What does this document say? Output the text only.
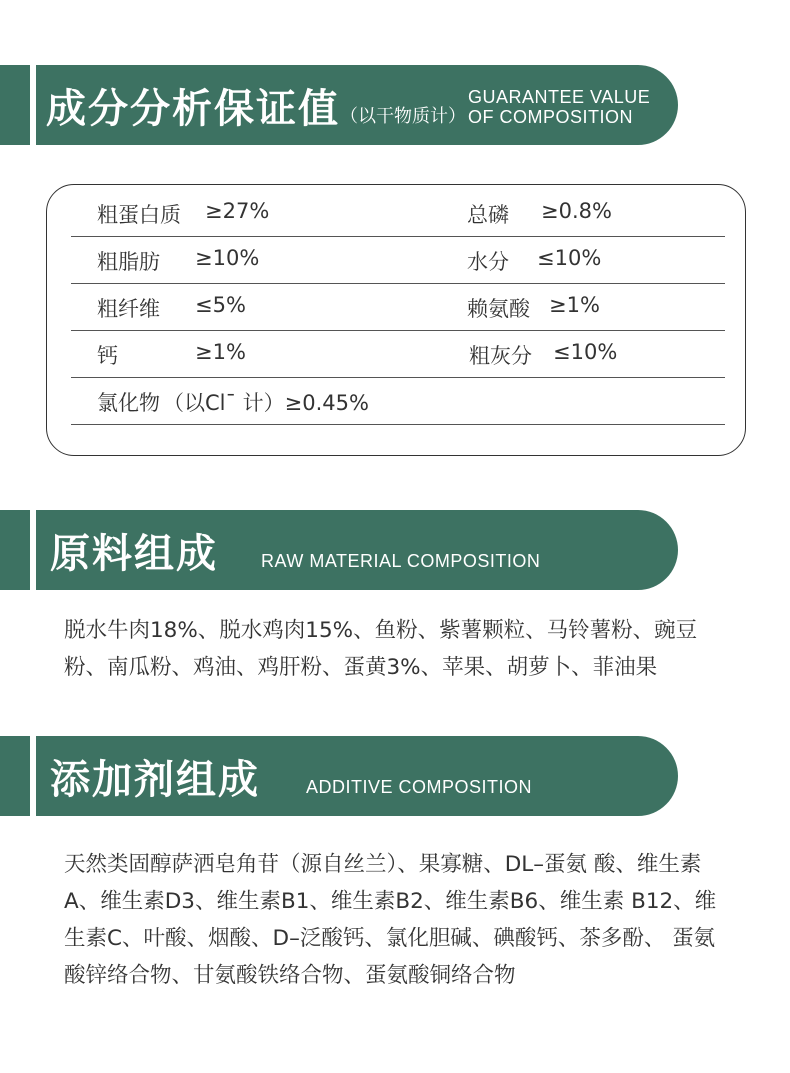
成分分析保证值（以干物质计）
GUARANTEE VALUE
OF COMPOSITION
粗蛋白质 ≥27%	总磷 ≥0.8%
粗脂肪 ≥10%	水分 ≤10%
粗纤维 ≤5%	赖氨酸 ≥1%
钙	≥1%	粗灰分 ≤10%
氯化物 （以Cl¯ 计）≥0.45%
原料组成 RAW MATERIAL COMPOSITION
脱水牛肉18%、脱水鸡肉15%、鱼粉、紫薯颗粒、马铃薯粉、豌豆粉、南瓜粉、鸡油、鸡肝粉、蛋黄3%、苹果、胡萝卜、菲油果
添加剂组成	ADDITIVE COMPOSITION
天然类固醇萨洒皂角苷（源自丝兰）、果寡糖、DL–蛋氨 酸、维生素A、维生素D3、维生素B1、维生素B2、维生素B6、维生素 B12、维生素C、叶酸、烟酸、D–泛酸钙、氯化胆碱、碘酸钙、茶多酚、 蛋氨酸锌络合物、甘氨酸铁络合物、蛋氨酸铜络合物
